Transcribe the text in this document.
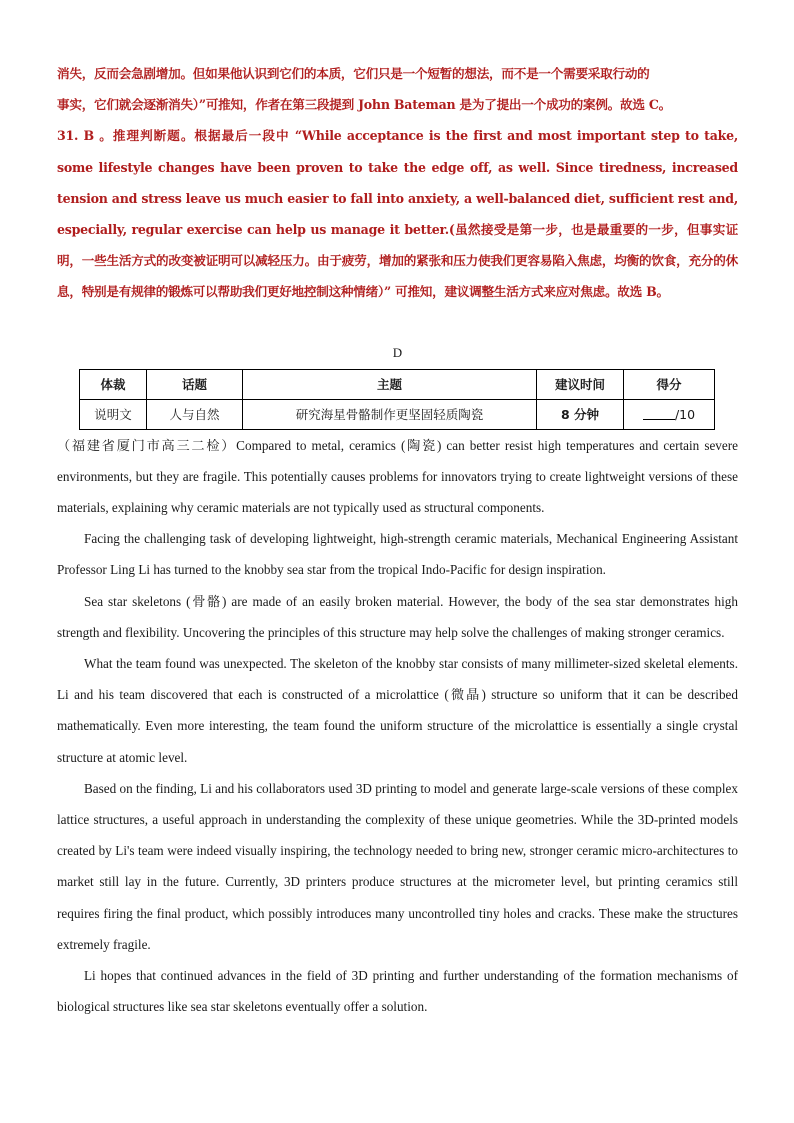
消失，反而会急剧增加。但如果他认识到它们的本质，它们只是一个短暂的想法，而不是一个需要采取行动的

事实，它们就会逐渐消失）”可推知，作者在第三段提到 John Bateman 是为了提出一个成功的案例。故选 C。

31. B 。推理判断题。根据最后一段中 “While acceptance is the first and most important step to take, some lifestyle changes have been proven to take the edge off, as well. Since tiredness, increased tension and stress leave us much easier to fall into anxiety, a well-balanced diet, sufficient rest and, especially, regular exercise can help us manage it better.(虽然接受是第一步，也是最重要的一步，但事实证明，一些生活方式的改变被证明可以减轻压力。由于疲劳，增加的紧张和压力使我们更容易陷入焦虑，均衡的饮食，充分的休息，特别是有规律的锻炼可以帮助我们更好地控制这种情绪）” 可推知，建议调整生活方式来应对焦虑。故选 B。

D
体裁	话题	主题	建议时间	得分
说明文	人与自然	研究海星骨骼制作更坚固轻质陶瓷	8 分钟	/10

（福建省厦门市高三二检）Compared to metal, ceramics (陶瓷) can better resist high temperatures and certain severe environments, but they are fragile. This potentially causes problems for innovators trying to create lightweight versions of these materials, explaining why ceramic materials are not typically used as structural components.

Facing the challenging task of developing lightweight, high-strength ceramic materials, Mechanical Engineering Assistant Professor Ling Li has turned to the knobby sea star from the tropical Indo-Pacific for design inspiration.

Sea star skeletons (骨骼) are made of an easily broken material. However, the body of the sea star demonstrates high strength and flexibility. Uncovering the principles of this structure may help solve the challenges of making stronger ceramics.

What the team found was unexpected. The skeleton of the knobby star consists of many millimeter-sized skeletal elements. Li and his team discovered that each is constructed of a microlattice (微晶) structure so uniform that it can be described mathematically. Even more interesting, the team found the uniform structure of the microlattice is essentially a single crystal structure at atomic level.

Based on the finding, Li and his collaborators used 3D printing to model and generate large-scale versions of these complex lattice structures, a useful approach in understanding the complexity of these unique geometries. While the 3D-printed models created by Li's team were indeed visually inspiring, the technology needed to bring new, stronger ceramic micro-architectures to market still lay in the future. Currently, 3D printers produce structures at the micrometer level, but printing ceramics still requires firing the final product, which possibly introduces many uncontrolled tiny holes and cracks. These make the structures extremely fragile.

Li hopes that continued advances in the field of 3D printing and further understanding of the formation mechanisms of biological structures like sea star skeletons eventually offer a solution.
